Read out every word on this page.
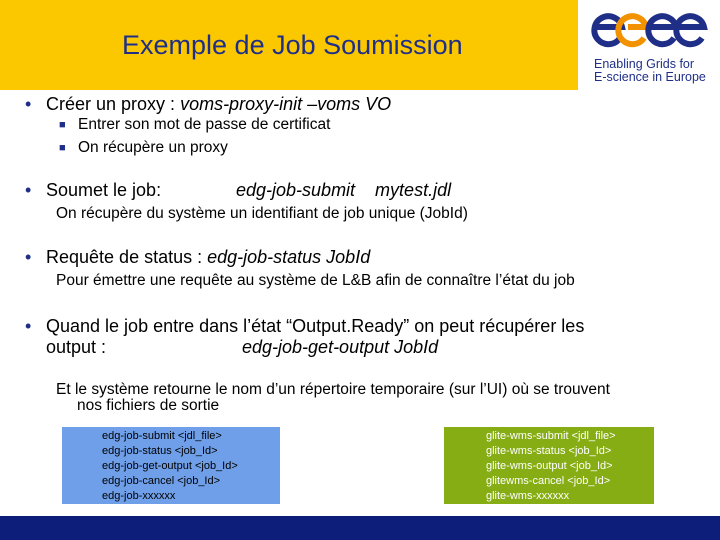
Exemple de Job Soumission
Enabling Grids for
E-science in Europe
• Créer un proxy : voms-proxy-init –voms VO
■ Entrer son mot de passe de certificat
■ On récupère un proxy
• Soumet le job:	edg-job-submit    mytest.jdl
On récupère du système un identifiant de job unique (JobId)
• Requête de status : edg-job-status JobId
Pour émettre une requête au système de L&B afin de connaître l’état du job
• Quand le job entre dans l’état “Output.Ready” on peut récupérer les
output :	edg-job-get-output JobId
Et le système retourne le nom d’un répertoire temporaire (sur l’UI) où se trouvent
nos fichiers de sortie
edg-job-submit <jdl_file>
edg-job-status <job_Id>
edg-job-get-output <job_Id>
edg-job-cancel <job_Id>
edg-job-xxxxxx
glite-wms-submit <jdl_file>
glite-wms-status <job_Id>
glite-wms-output <job_Id>
glitewms-cancel <job_Id>
glite-wms-xxxxxx
